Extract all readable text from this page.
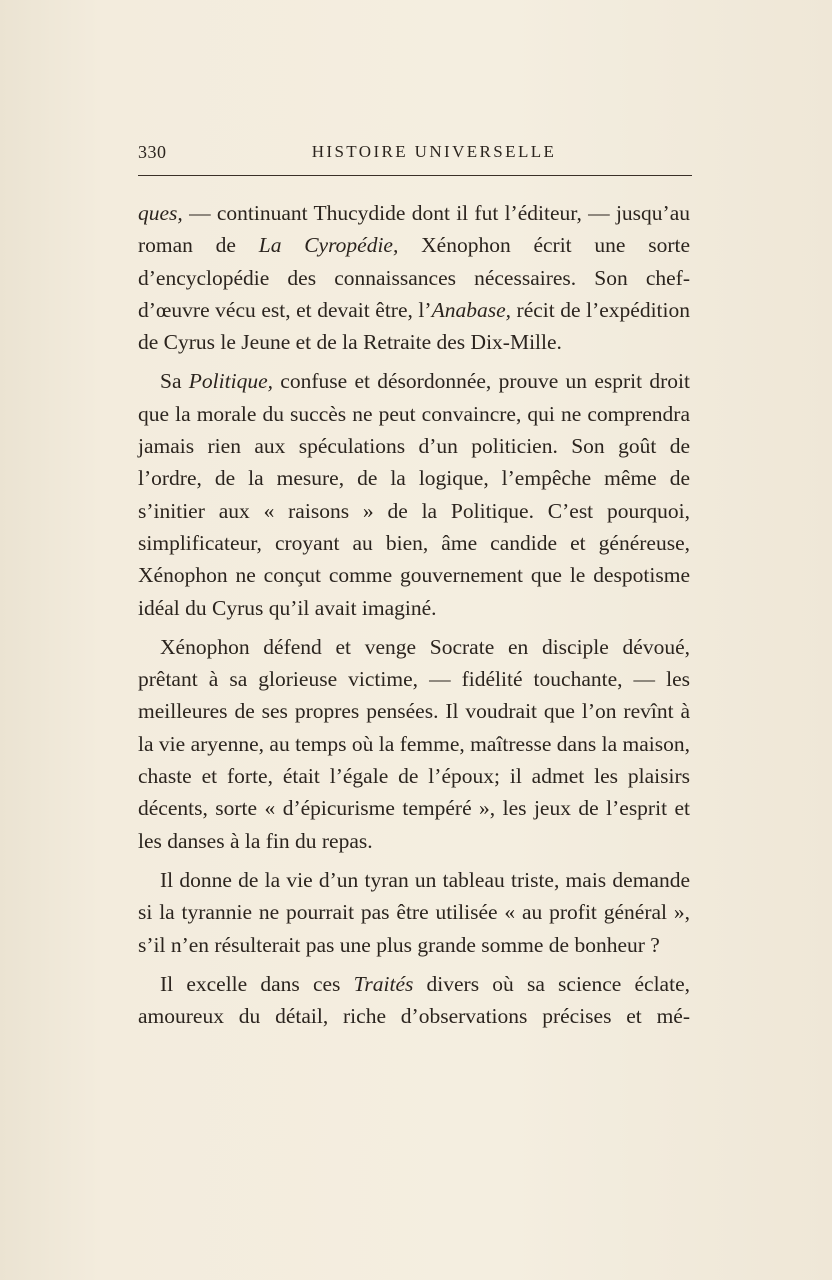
330	HISTOIRE UNIVERSELLE

ques, — continuant Thucydide dont il fut l’éditeur, — jusqu’au roman de La Cyropédie, Xénophon écrit une sorte d’encyclopédie des connaissances nécessaires. Son chef-d’œuvre vécu est, et devait être, l’Anabase, récit de l’expédition de Cyrus le Jeune et de la Retraite des Dix-Mille.

Sa Politique, confuse et désordonnée, prouve un esprit droit que la morale du succès ne peut convaincre, qui ne comprendra jamais rien aux spéculations d’un politicien. Son goût de l’ordre, de la mesure, de la logique, l’empêche même de s’initier aux « raisons » de la Politique. C’est pourquoi, simplificateur, croyant au bien, âme candide et généreuse, Xénophon ne conçut comme gouvernement que le despotisme idéal du Cyrus qu’il avait imaginé.

Xénophon défend et venge Socrate en disciple dévoué, prêtant à sa glorieuse victime, — fidélité touchante, — les meilleures de ses propres pensées. Il voudrait que l’on revînt à la vie aryenne, au temps où la femme, maîtresse dans la maison, chaste et forte, était l’égale de l’époux; il admet les plaisirs décents, sorte « d’épicurisme tempéré », les jeux de l’esprit et les danses à la fin du repas.

Il donne de la vie d’un tyran un tableau triste, mais demande si la tyrannie ne pourrait pas être utilisée « au profit général », s’il n’en résulterait pas une plus grande somme de bonheur ?

Il excelle dans ces Traités divers où sa science éclate, amoureux du détail, riche d’observations précises et mé-
